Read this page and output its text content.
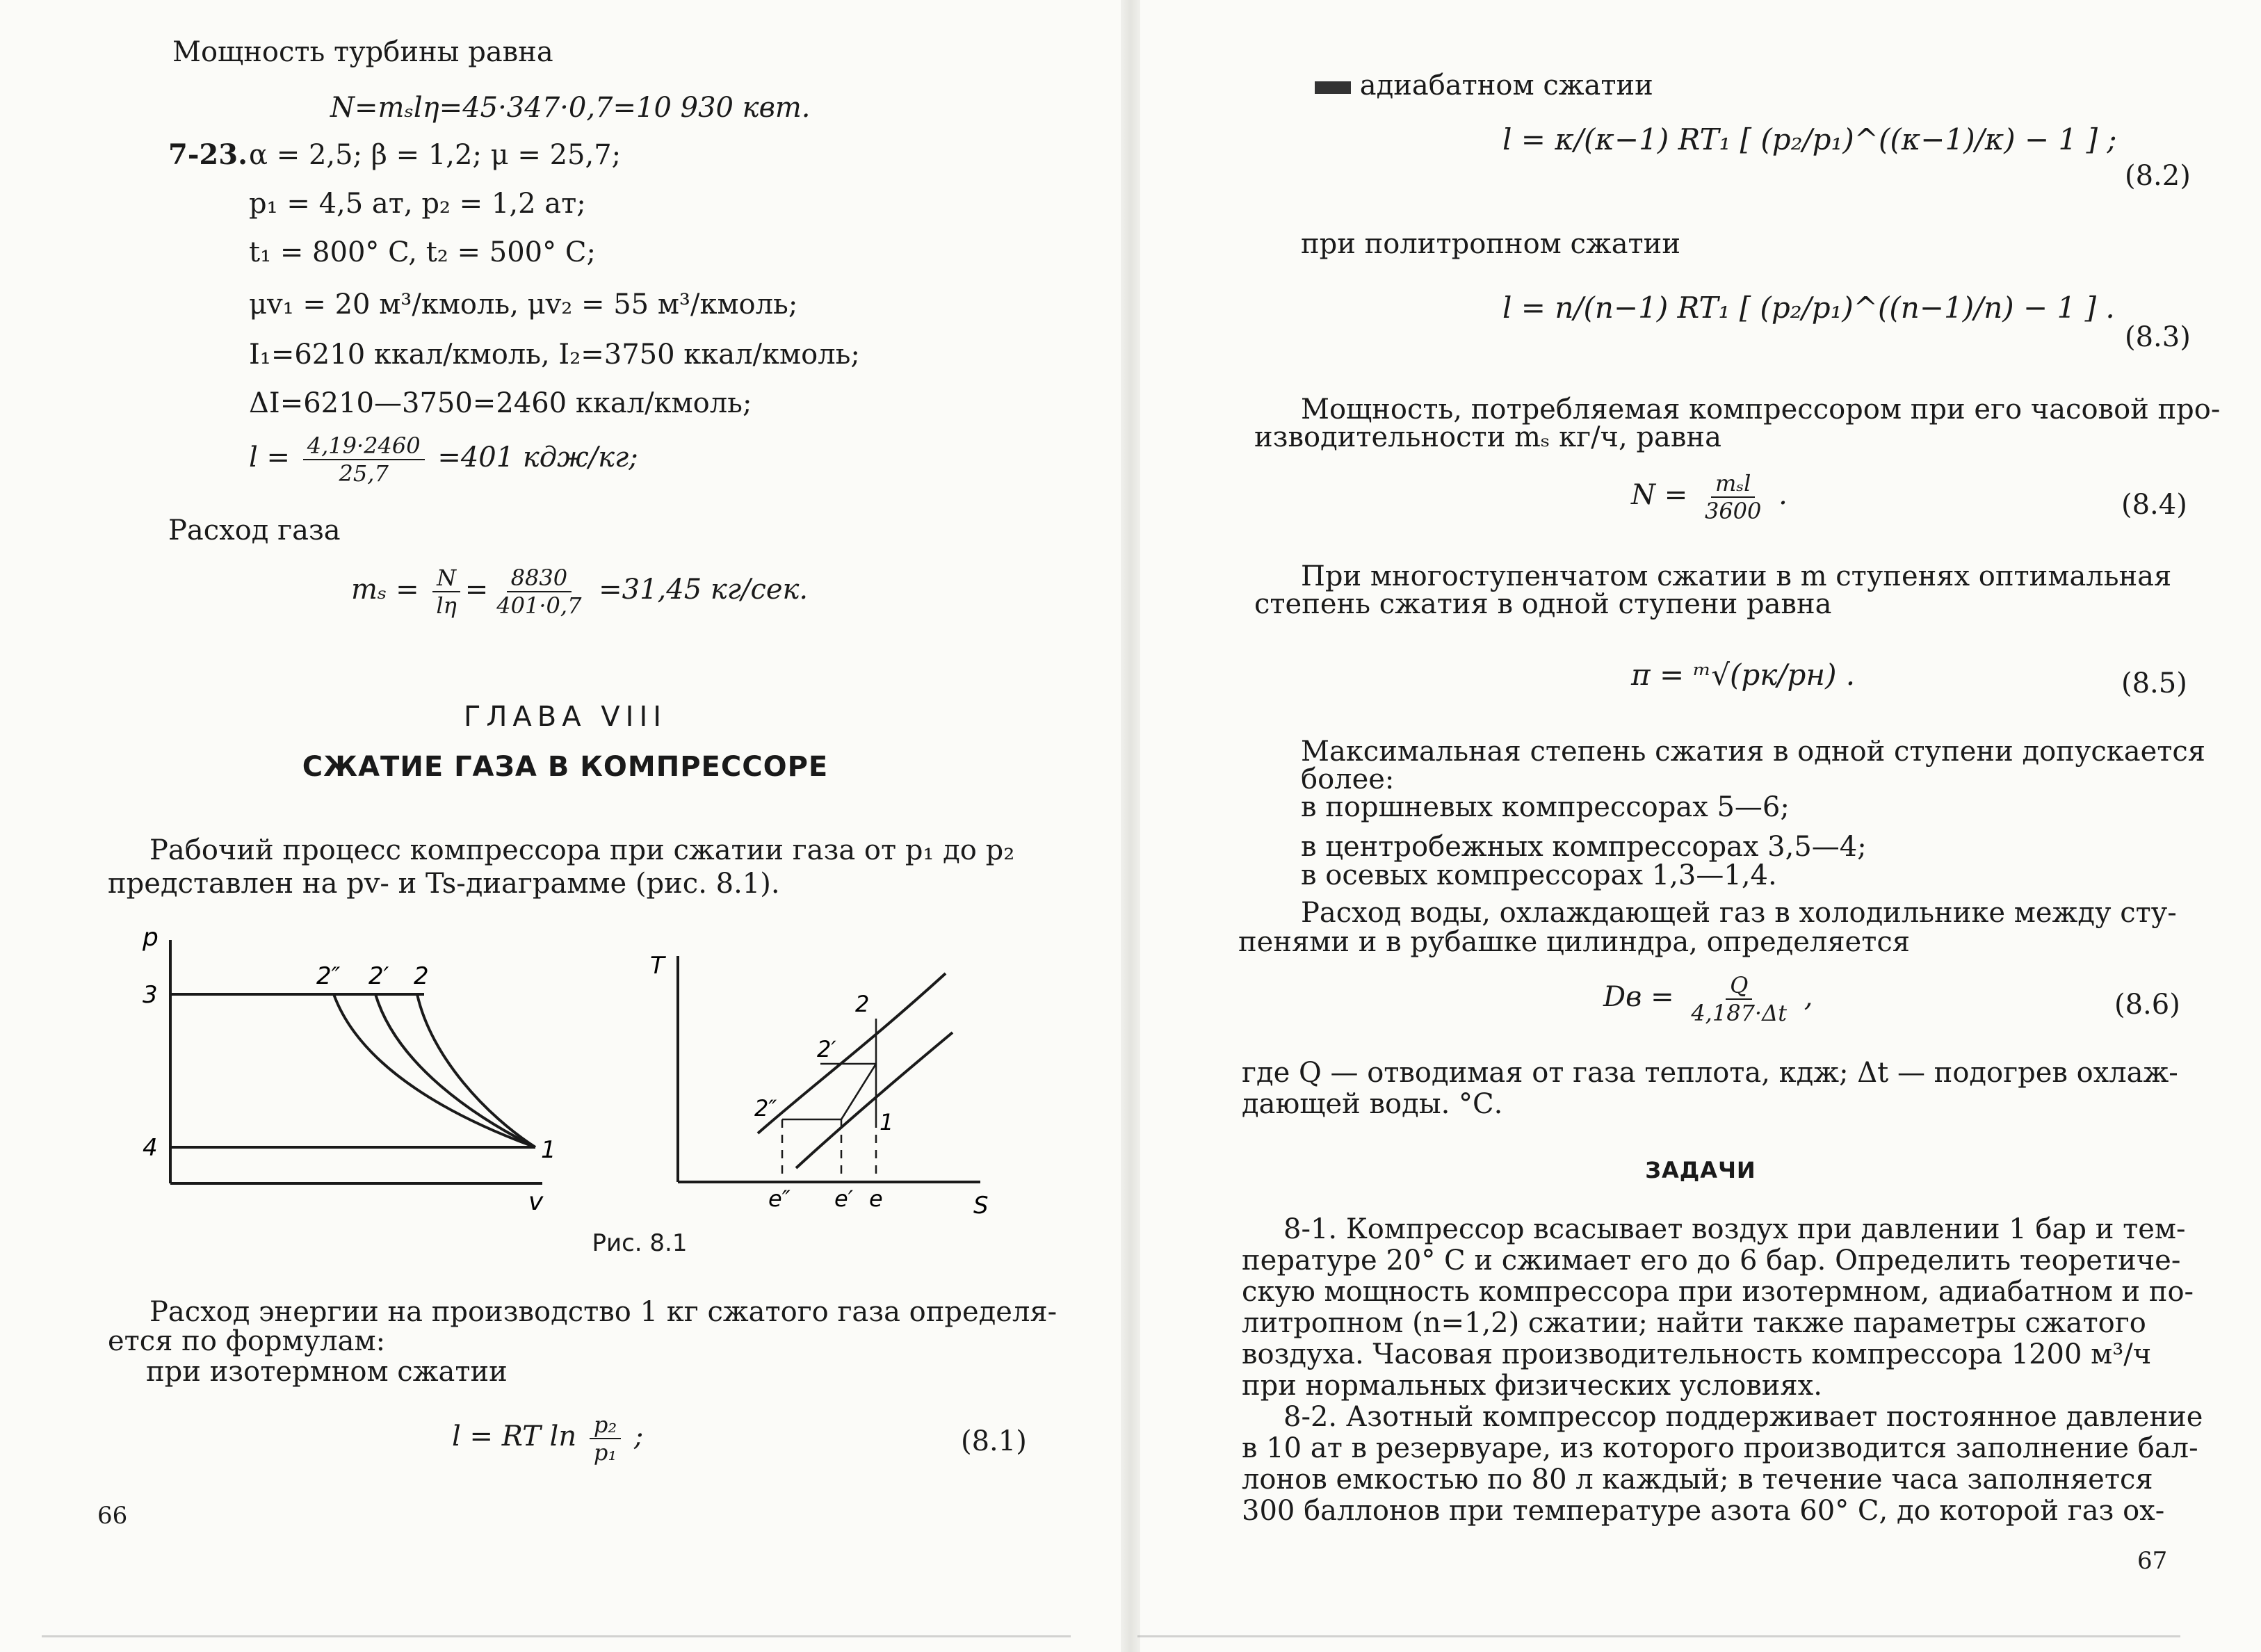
Мощность турбины равна
N=mₛlη=45·347·0,7=10 930 квт.
7-23. α = 2,5; β = 1,2; μ = 25,7;
p₁ = 4,5 ат, p₂ = 1,2 ат;
t₁ = 800° C, t₂ = 500° C;
μv₁ = 20 м³/кмоль, μv₂ = 55 м³/кмоль;
I₁=6210 ккал/кмоль, I₂=3750 ккал/кмоль;
ΔI=6210—3750=2460 ккал/кмоль;
$l = \frac{4,19\cdot 2460}{25,7} =401$ кдж/кг;
Расход газа
$m_s = \frac{N}{l\eta} = \frac{8830}{401\cdot 0,7} =31,45$ кг/сек.
ГЛАВА VIII
СЖАТИЕ ГАЗА В КОМПРЕССОРЕ
Рабочий процесс компрессора при сжатии газа от p₁ до p₂
представлен на pv- и Ts-диаграмме (рис. 8.1).
p
v
3
4
2″ 2′ 2
1
T
S
2
2′
2″
1
e″ e′ e
Рис. 8.1
Расход энергии на производство 1 кг сжатого газа определя-
ется по формулам:
при изотермном сжатии
l = RT $\ln \frac{\text{p₂}}{\text{p₁}}$ ;	(8.1)
66
адиабатном сжатии
l = κ/(κ−1) RT₁ [ (p₂/p₁)^((κ−1)/κ) − 1 ] ;
(8.2)
при политропном сжатии
l = n/(n−1) RT₁ [ (p₂/p₁)^((n−1)/n) − 1 ] .
(8.3)
Мощность, потребляемая компрессором при его часовой про-
изводительности mₛ кг/ч, равна
$N = \frac{\text{mₛl}}{3600}$ .	(8.4)
При многоступенчатом сжатии в m ступенях оптимальная
степень сжатия в одной ступени равна
π = ᵐ√(pк/pн) .	(8.5)
Максимальная степень сжатия в одной ступени допускается
более:
в поршневых компрессорах 5—6;
в центробежных компрессорах 3,5—4;
в осевых компрессорах 1,3—1,4.
Расход воды, охлаждающей газ в холодильнике между сту-
пенями и в рубашке цилиндра, определяется
Dв = $\frac{Q}{4,187\cdot\Delta t}$ ,	(8.6)
где Q — отводимая от газа теплота, кдж; Δt — подогрев охлаж-
дающей воды. °С.
ЗАДАЧИ
8-1. Компрессор всасывает воздух при давлении 1 бар и тем-
пературе 20° С и сжимает его до 6 бар. Определить теоретиче-
скую мощность компрессора при изотермном, адиабатном и по-
литропном (n=1,2) сжатии; найти также параметры сжатого
воздуха. Часовая производительность компрессора 1200 м³/ч
при нормальных физических условиях.
8-2. Азотный компрессор поддерживает постоянное давление
в 10 ат в резервуаре, из которого производится заполнение бал-
лонов емкостью по 80 л каждый; в течение часа заполняется
300 баллонов при температуре азота 60° С, до которой газ ох-
67
